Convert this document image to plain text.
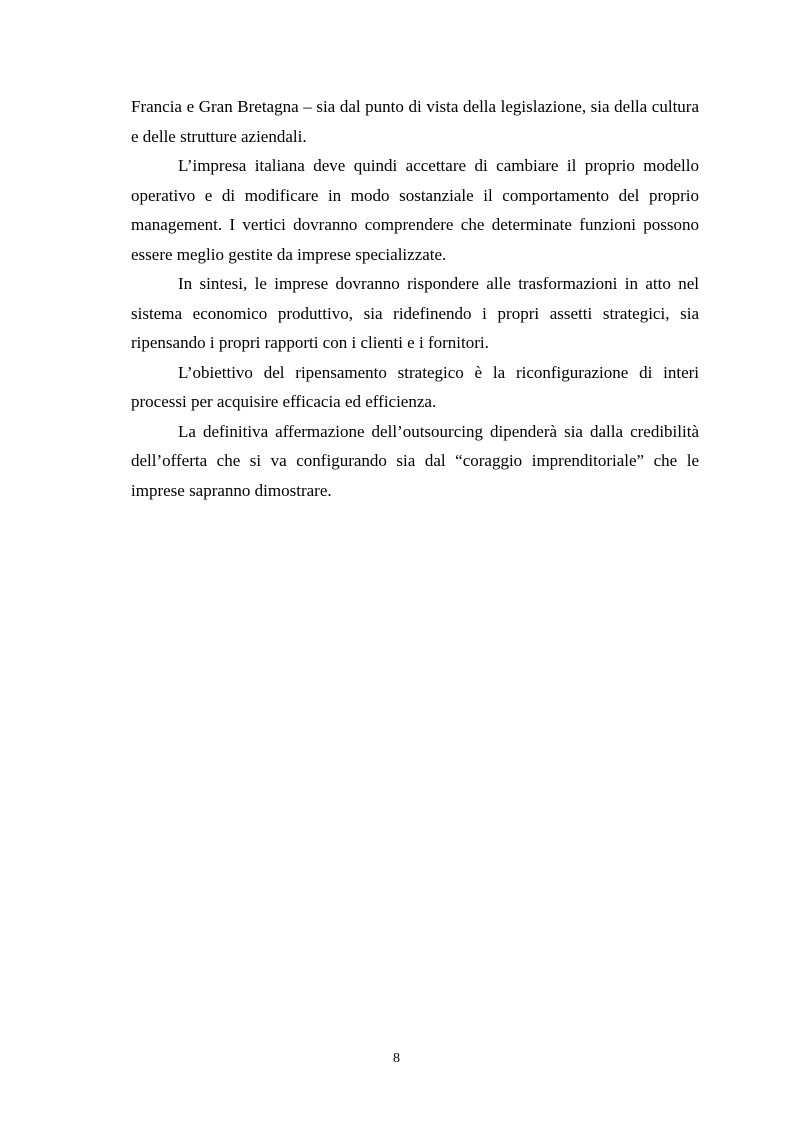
Francia e Gran Bretagna – sia dal punto di vista della legislazione, sia della cultura e delle strutture aziendali.

L’impresa italiana deve quindi accettare di cambiare il proprio modello operativo e di modificare in modo sostanziale il comportamento del proprio management. I vertici dovranno comprendere che determinate funzioni possono essere meglio gestite da imprese specializzate.

In sintesi, le imprese dovranno rispondere alle trasformazioni in atto nel sistema economico produttivo, sia ridefinendo i propri assetti strategici, sia ripensando i propri rapporti con i clienti e i fornitori.

L’obiettivo del ripensamento strategico è la riconfigurazione di interi processi per acquisire efficacia ed efficienza.

La definitiva affermazione dell’outsourcing dipenderà sia dalla credibilità dell’offerta che si va configurando sia dal “coraggio imprenditoriale” che le imprese sapranno dimostrare.

8
